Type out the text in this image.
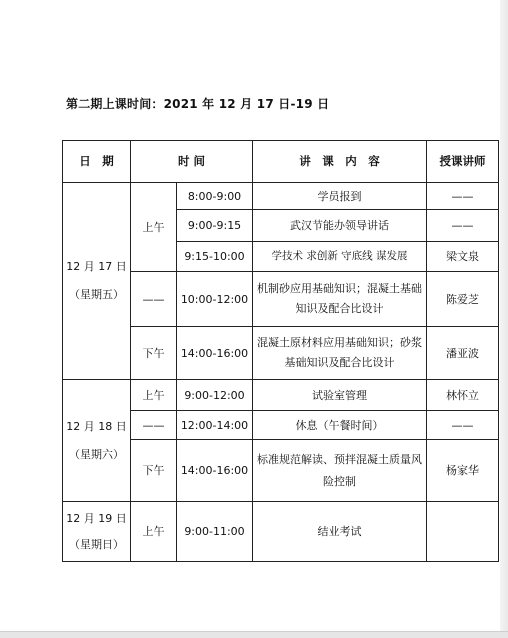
第二期上课时间：2021 年 12 月 17 日-19 日
日　期	时 间		讲　课　内　容	授课讲师

12 月 17 日
（星期五）	上午	8:00-9:00	学员报到	——
		9:00-9:15	武汉节能办领导讲话	——
		9:15-10:00	学技术 求创新 守底线 谋发展	梁文泉
	——	10:00-12:00	机制砂应用基础知识；混凝土基础知识及配合比设计	陈爱芝
	下午	14:00-16:00	混凝土原材料应用基础知识；砂浆基础知识及配合比设计	潘亚波

12 月 18 日
（星期六）	上午	9:00-12:00	试验室管理	林怀立
	——	12:00-14:00	休息（午餐时间）	——
	下午	14:00-16:00	标准规范解读、预拌混凝土质量风险控制	杨家华

12 月 19 日
（星期日）	上午	9:00-11:00	结业考试	
